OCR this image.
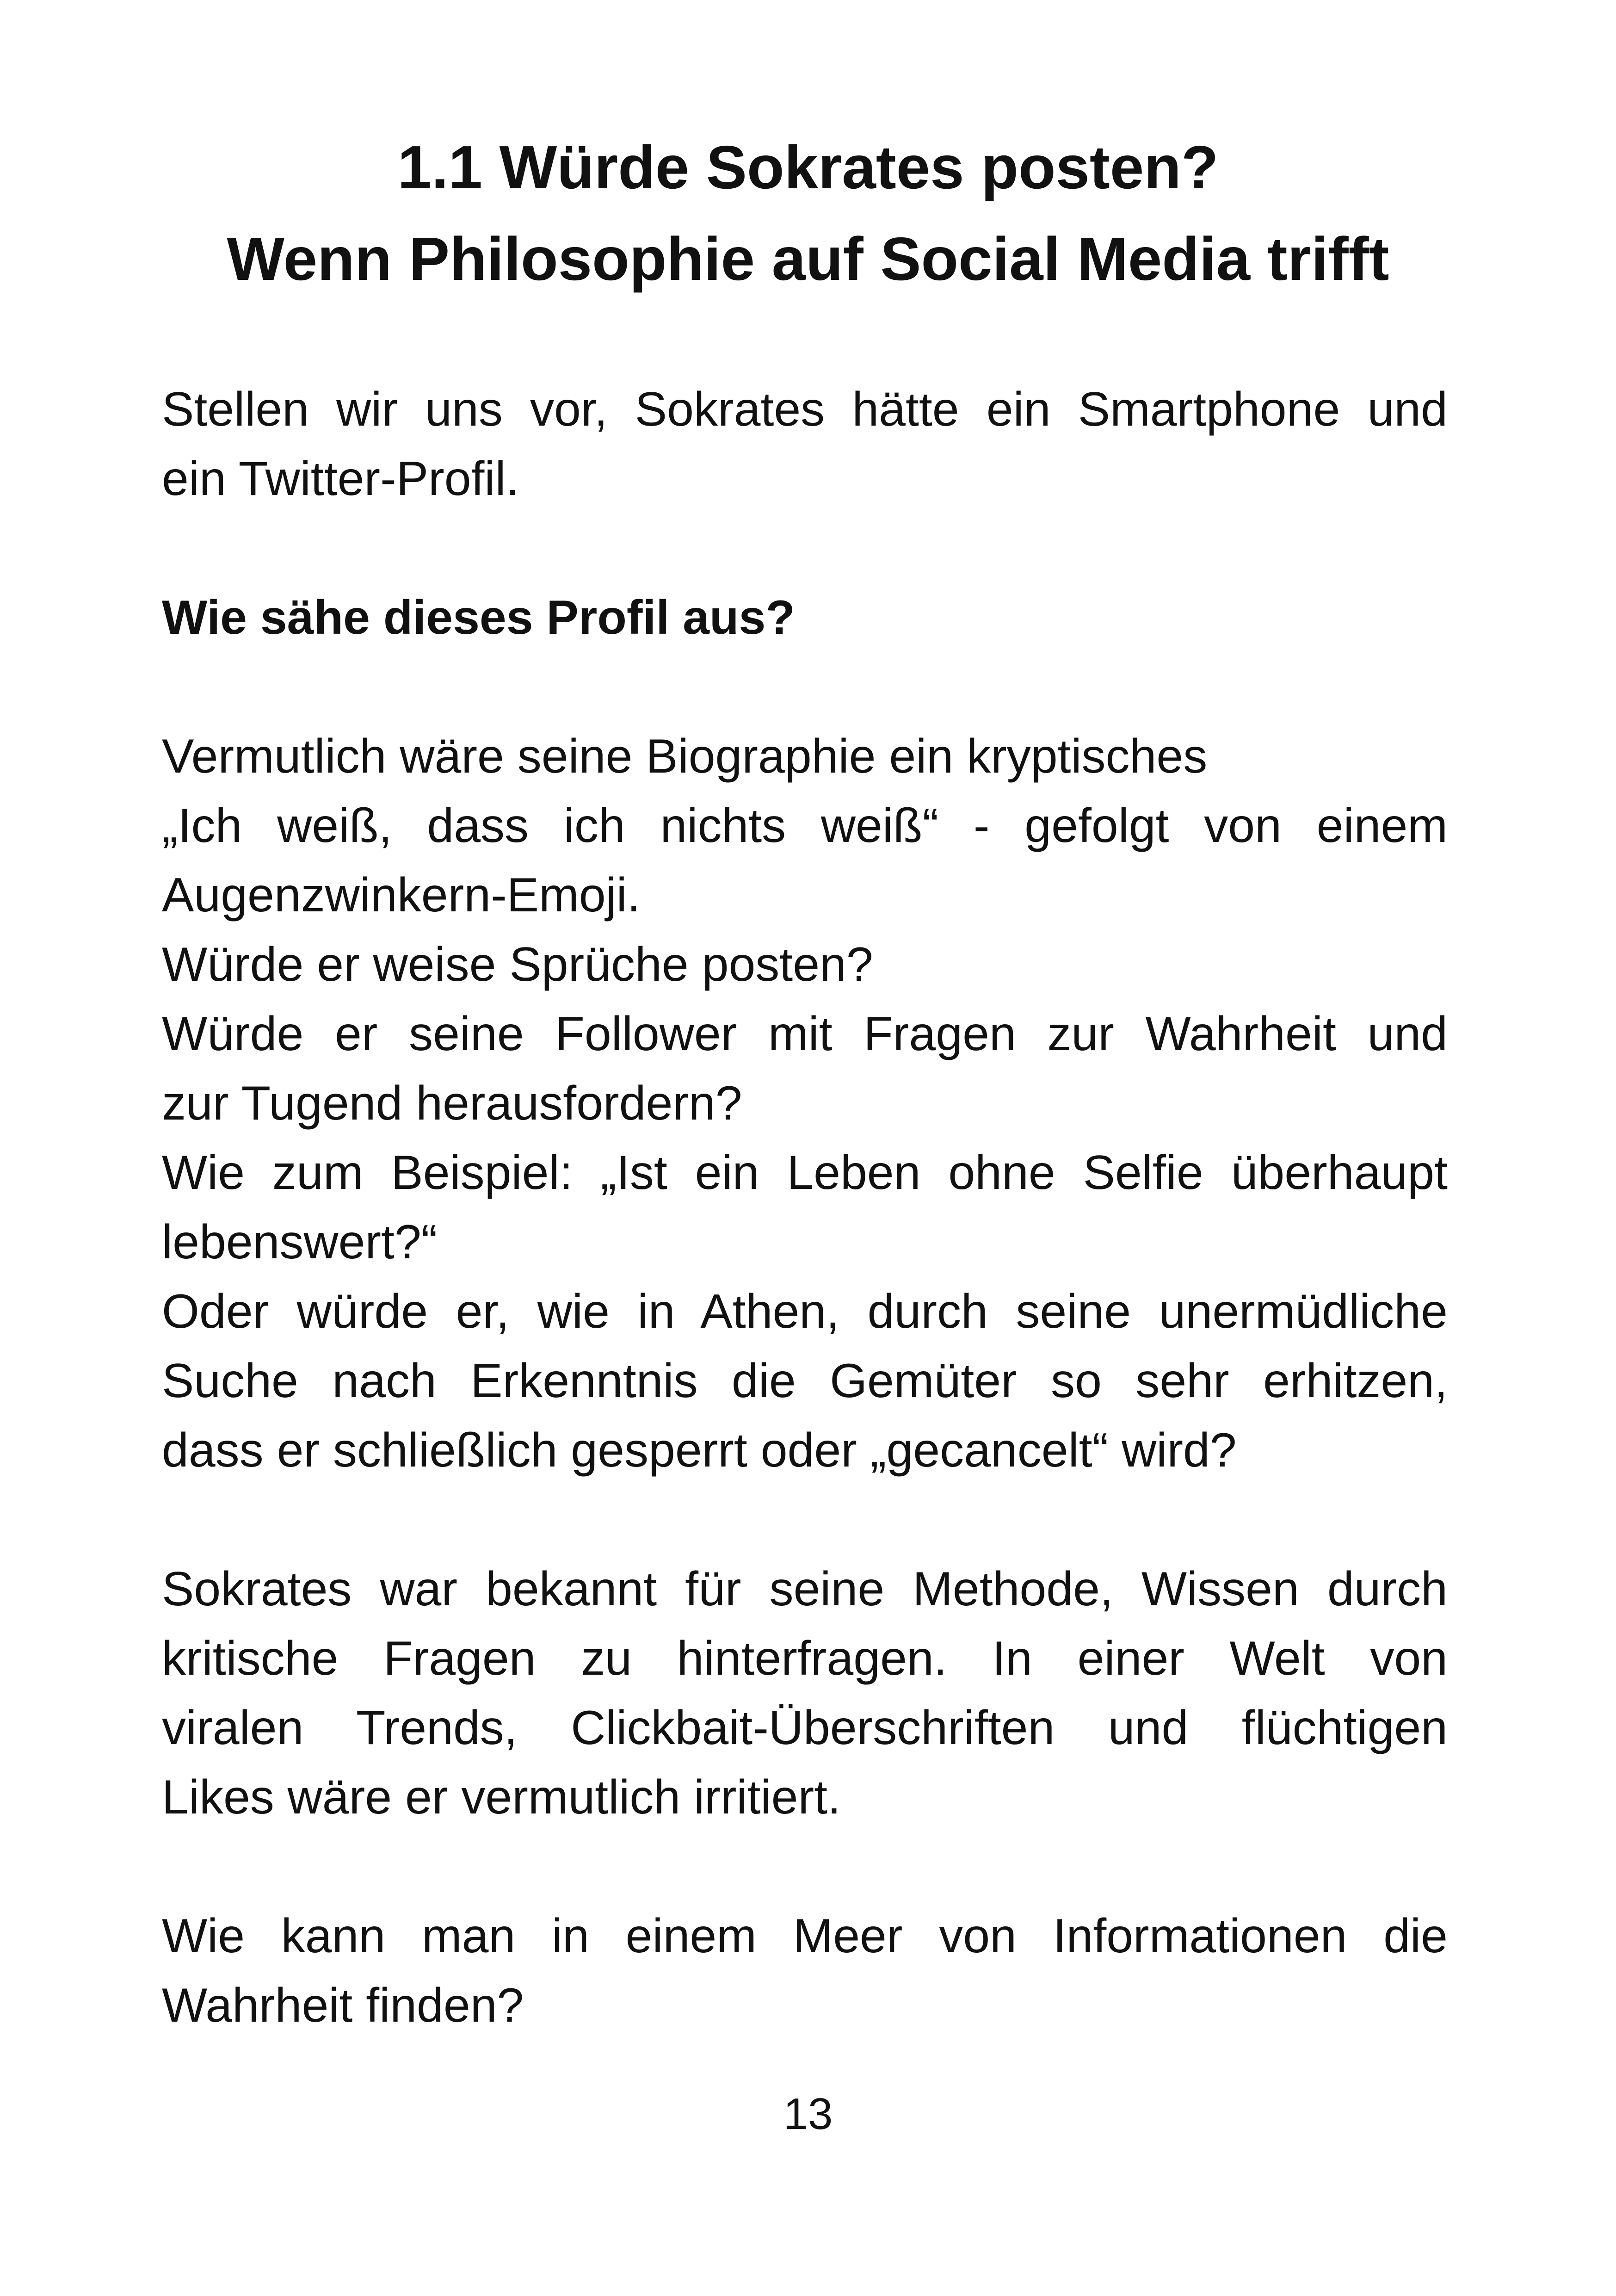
1.1 Würde Sokrates posten?
Wenn Philosophie auf Social Media trifft

Stellen wir uns vor, Sokrates hätte ein Smartphone und

ein Twitter-Profil.

Wie sähe dieses Profil aus?

Vermutlich wäre seine Biographie ein kryptisches

„Ich weiß, dass ich nichts weiß“ - gefolgt von einem

Augenzwinkern-Emoji.

Würde er weise Sprüche posten?

Würde er seine Follower mit Fragen zur Wahrheit und

zur Tugend herausfordern?

Wie zum Beispiel: „Ist ein Leben ohne Selfie überhaupt

lebenswert?“

Oder würde er, wie in Athen, durch seine unermüdliche

Suche nach Erkenntnis die Gemüter so sehr erhitzen,

dass er schließlich gesperrt oder „gecancelt“ wird?

Sokrates war bekannt für seine Methode, Wissen durch

kritische Fragen zu hinterfragen. In einer Welt von

viralen Trends, Clickbait-Überschriften und flüchtigen

Likes wäre er vermutlich irritiert.

Wie kann man in einem Meer von Informationen die

Wahrheit finden?

13
